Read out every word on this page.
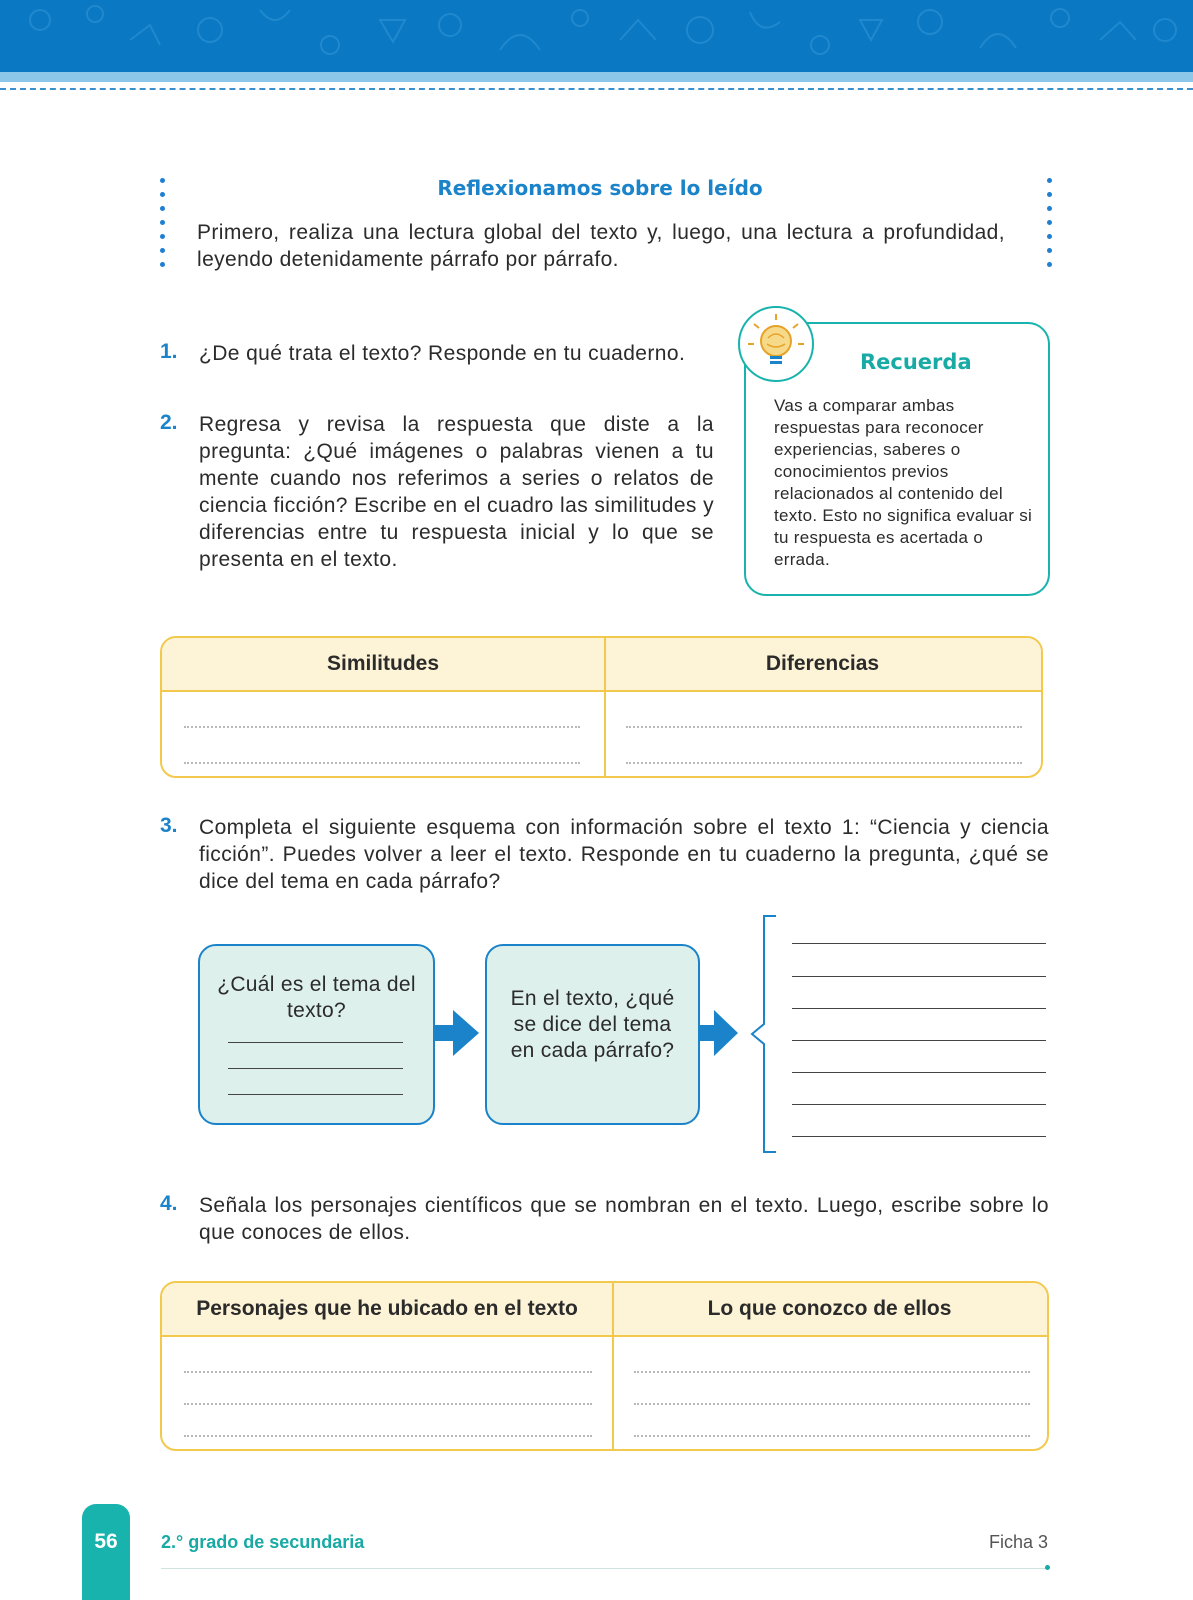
Reflexionamos sobre lo leído
Primero, realiza una lectura global del texto y, luego, una lectura a profundidad, leyendo detenidamente párrafo por párrafo.
1. ¿De qué trata el texto? Responde en tu cuaderno.
2. Regresa y revisa la respuesta que diste a la pregunta: ¿Qué imágenes o palabras vienen a tu mente cuando nos referimos a series o relatos de ciencia ficción? Escribe en el cuadro las similitudes y diferencias entre tu respuesta inicial y lo que se presenta en el texto.
Recuerda
Vas a comparar ambas respuestas para reconocer experiencias, saberes o conocimientos previos relacionados al contenido del texto. Esto no significa evaluar si tu respuesta es acertada o errada.
Similitudes	Diferencias
3. Completa el siguiente esquema con información sobre el texto 1: “Ciencia y ciencia ficción”. Puedes volver a leer el texto. Responde en tu cuaderno la pregunta, ¿qué se dice del tema en cada párrafo?
¿Cuál es el tema del texto?
En el texto, ¿qué se dice del tema en cada párrafo?
4. Señala los personajes científicos que se nombran en el texto. Luego, escribe sobre lo que conoces de ellos.
Personajes que he ubicado en el texto	Lo que conozco de ellos
56	2.° grado de secundaria	Ficha 3
